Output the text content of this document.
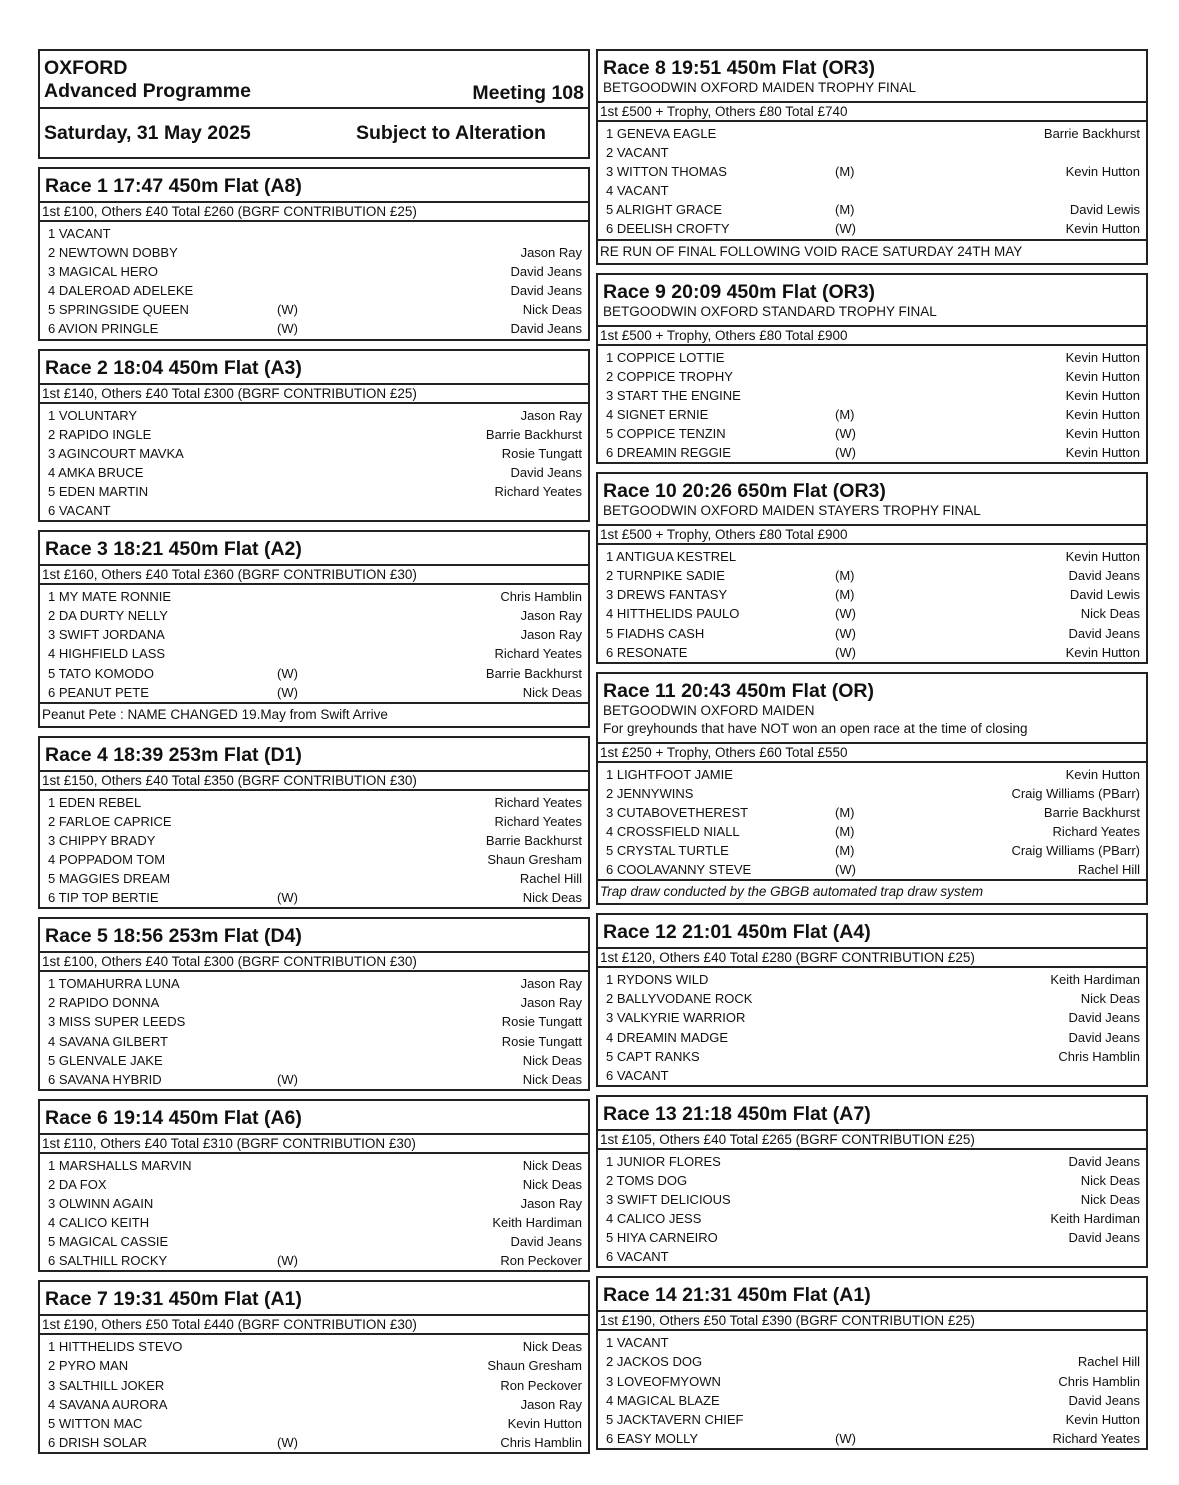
OXFORD
Advanced Programme	Meeting 108
Saturday, 31 May 2025	Subject to Alteration
Race 1 17:47 450m Flat (A8)
1st £100, Others £40 Total £260 (BGRF CONTRIBUTION £25)
1 VACANT
2 NEWTOWN DOBBY	Jason Ray
3 MAGICAL HERO	David Jeans
4 DALEROAD ADELEKE	David Jeans
5 SPRINGSIDE QUEEN	(W)	Nick Deas
6 AVION PRINGLE	(W)	David Jeans
Race 2 18:04 450m Flat (A3)
1st £140, Others £40 Total £300 (BGRF CONTRIBUTION £25)
1 VOLUNTARY	Jason Ray
2 RAPIDO INGLE	Barrie Backhurst
3 AGINCOURT MAVKA	Rosie Tungatt
4 AMKA BRUCE	David Jeans
5 EDEN MARTIN	Richard Yeates
6 VACANT
Race 3 18:21 450m Flat (A2)
1st £160, Others £40 Total £360 (BGRF CONTRIBUTION £30)
1 MY MATE RONNIE	Chris Hamblin
2 DA DURTY NELLY	Jason Ray
3 SWIFT JORDANA	Jason Ray
4 HIGHFIELD LASS	Richard Yeates
5 TATO KOMODO	(W)	Barrie Backhurst
6 PEANUT PETE	(W)	Nick Deas
Peanut Pete : NAME CHANGED 19.May from Swift Arrive
Race 4 18:39 253m Flat (D1)
1st £150, Others £40 Total £350 (BGRF CONTRIBUTION £30)
1 EDEN REBEL	Richard Yeates
2 FARLOE CAPRICE	Richard Yeates
3 CHIPPY BRADY	Barrie Backhurst
4 POPPADOM TOM	Shaun Gresham
5 MAGGIES DREAM	Rachel Hill
6 TIP TOP BERTIE	(W)	Nick Deas
Race 5 18:56 253m Flat (D4)
1st £100, Others £40 Total £300 (BGRF CONTRIBUTION £30)
1 TOMAHURRA LUNA	Jason Ray
2 RAPIDO DONNA	Jason Ray
3 MISS SUPER LEEDS	Rosie Tungatt
4 SAVANA GILBERT	Rosie Tungatt
5 GLENVALE JAKE	Nick Deas
6 SAVANA HYBRID	(W)	Nick Deas
Race 6 19:14 450m Flat (A6)
1st £110, Others £40 Total £310 (BGRF CONTRIBUTION £30)
1 MARSHALLS MARVIN	Nick Deas
2 DA FOX	Nick Deas
3 OLWINN AGAIN	Jason Ray
4 CALICO KEITH	Keith Hardiman
5 MAGICAL CASSIE	David Jeans
6 SALTHILL ROCKY	(W)	Ron Peckover
Race 7 19:31 450m Flat (A1)
1st £190, Others £50 Total £440 (BGRF CONTRIBUTION £30)
1 HITTHELIDS STEVO	Nick Deas
2 PYRO MAN	Shaun Gresham
3 SALTHILL JOKER	Ron Peckover
4 SAVANA AURORA	Jason Ray
5 WITTON MAC	Kevin Hutton
6 DRISH SOLAR	(W)	Chris Hamblin
Race 8 19:51 450m Flat (OR3)
BETGOODWIN OXFORD MAIDEN TROPHY FINAL
1st £500 + Trophy, Others £80 Total £740
1 GENEVA EAGLE	Barrie Backhurst
2 VACANT
3 WITTON THOMAS	(M)	Kevin Hutton
4 VACANT
5 ALRIGHT GRACE	(M)	David Lewis
6 DEELISH CROFTY	(W)	Kevin Hutton
RE RUN OF FINAL FOLLOWING VOID RACE SATURDAY 24TH MAY
Race 9 20:09 450m Flat (OR3)
BETGOODWIN OXFORD STANDARD TROPHY FINAL
1st £500 + Trophy, Others £80 Total £900
1 COPPICE LOTTIE	Kevin Hutton
2 COPPICE TROPHY	Kevin Hutton
3 START THE ENGINE	Kevin Hutton
4 SIGNET ERNIE	(M)	Kevin Hutton
5 COPPICE TENZIN	(W)	Kevin Hutton
6 DREAMIN REGGIE	(W)	Kevin Hutton
Race 10 20:26 650m Flat (OR3)
BETGOODWIN OXFORD MAIDEN STAYERS TROPHY FINAL
1st £500 + Trophy, Others £80 Total £900
1 ANTIGUA KESTREL	Kevin Hutton
2 TURNPIKE SADIE	(M)	David Jeans
3 DREWS FANTASY	(M)	David Lewis
4 HITTHELIDS PAULO	(W)	Nick Deas
5 FIADHS CASH	(W)	David Jeans
6 RESONATE	(W)	Kevin Hutton
Race 11 20:43 450m Flat (OR)
BETGOODWIN OXFORD MAIDEN
For greyhounds that have NOT won an open race at the time of closing
1st £250 + Trophy, Others £60 Total £550
1 LIGHTFOOT JAMIE	Kevin Hutton
2 JENNYWINS	Craig Williams (PBarr)
3 CUTABOVETHEREST	(M)	Barrie Backhurst
4 CROSSFIELD NIALL	(M)	Richard Yeates
5 CRYSTAL TURTLE	(M)	Craig Williams (PBarr)
6 COOLAVANNY STEVE	(W)	Rachel Hill
Trap draw conducted by the GBGB automated trap draw system
Race 12 21:01 450m Flat (A4)
1st £120, Others £40 Total £280 (BGRF CONTRIBUTION £25)
1 RYDONS WILD	Keith Hardiman
2 BALLYVODANE ROCK	Nick Deas
3 VALKYRIE WARRIOR	David Jeans
4 DREAMIN MADGE	David Jeans
5 CAPT RANKS	Chris Hamblin
6 VACANT
Race 13 21:18 450m Flat (A7)
1st £105, Others £40 Total £265 (BGRF CONTRIBUTION £25)
1 JUNIOR FLORES	David Jeans
2 TOMS DOG	Nick Deas
3 SWIFT DELICIOUS	Nick Deas
4 CALICO JESS	Keith Hardiman
5 HIYA CARNEIRO	David Jeans
6 VACANT
Race 14 21:31 450m Flat (A1)
1st £190, Others £50 Total £390 (BGRF CONTRIBUTION £25)
1 VACANT
2 JACKOS DOG	Rachel Hill
3 LOVEOFMYOWN	Chris Hamblin
4 MAGICAL BLAZE	David Jeans
5 JACKTAVERN CHIEF	Kevin Hutton
6 EASY MOLLY	(W)	Richard Yeates
